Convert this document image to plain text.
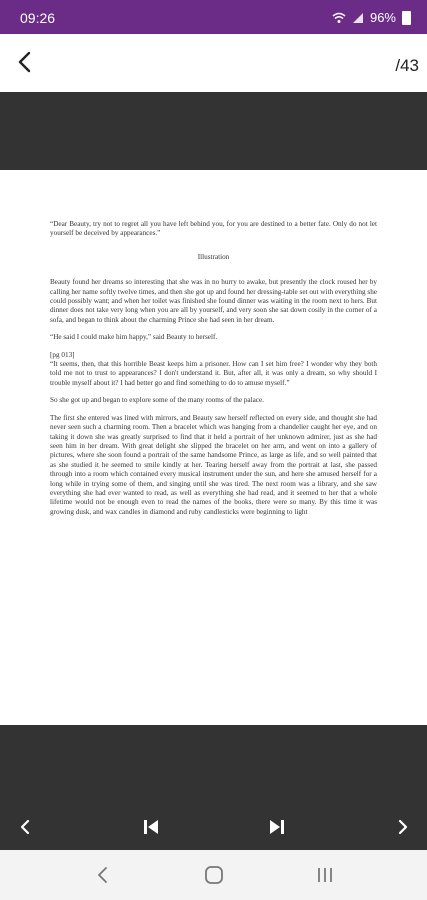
09:26	96%
/43

“Dear Beauty, try not to regret all you have left behind you, for you are destined to a better fate. Only do not let yourself be deceived by appearances.”

Illustration

Beauty found her dreams so interesting that she was in no hurry to awake, but presently the clock roused her by calling her name softly twelve times, and then she got up and found her dressing-table set out with everything she could possibly want; and when her toilet was finished she found dinner was waiting in the room next to hers. But dinner does not take very long when you are all by yourself, and very soon she sat down cosily in the corner of a sofa, and began to think about the charming Prince she had seen in her dream.

“He said I could make him happy,” said Beauty to herself.

[pg 013]

“It seems, then, that this horrible Beast keeps him a prisoner. How can I set him free? I wonder why they both told me not to trust to appearances? I don't understand it. But, after all, it was only a dream, so why should I trouble myself about it? I had better go and find something to do to amuse myself.”

So she got up and began to explore some of the many rooms of the palace.

The first she entered was lined with mirrors, and Beauty saw herself reflected on every side, and thought she had never seen such a charming room. Then a bracelet which was hanging from a chandelier caught her eye, and on taking it down she was greatly surprised to find that it held a portrait of her unknown admirer, just as she had seen him in her dream. With great delight she slipped the bracelet on her arm, and went on into a gallery of pictures, where she soon found a portrait of the same handsome Prince, as large as life, and so well painted that as she studied it he seemed to smile kindly at her. Tearing herself away from the portrait at last, she passed through into a room which contained every musical instrument under the sun, and here she amused herself for a long while in trying some of them, and singing until she was tired. The next room was a library, and she saw everything she had ever wanted to read, as well as everything she had read, and it seemed to her that a whole lifetime would not be enough even to read the names of the books, there were so many. By this time it was growing dusk, and wax candles in diamond and ruby candlesticks were beginning to light
